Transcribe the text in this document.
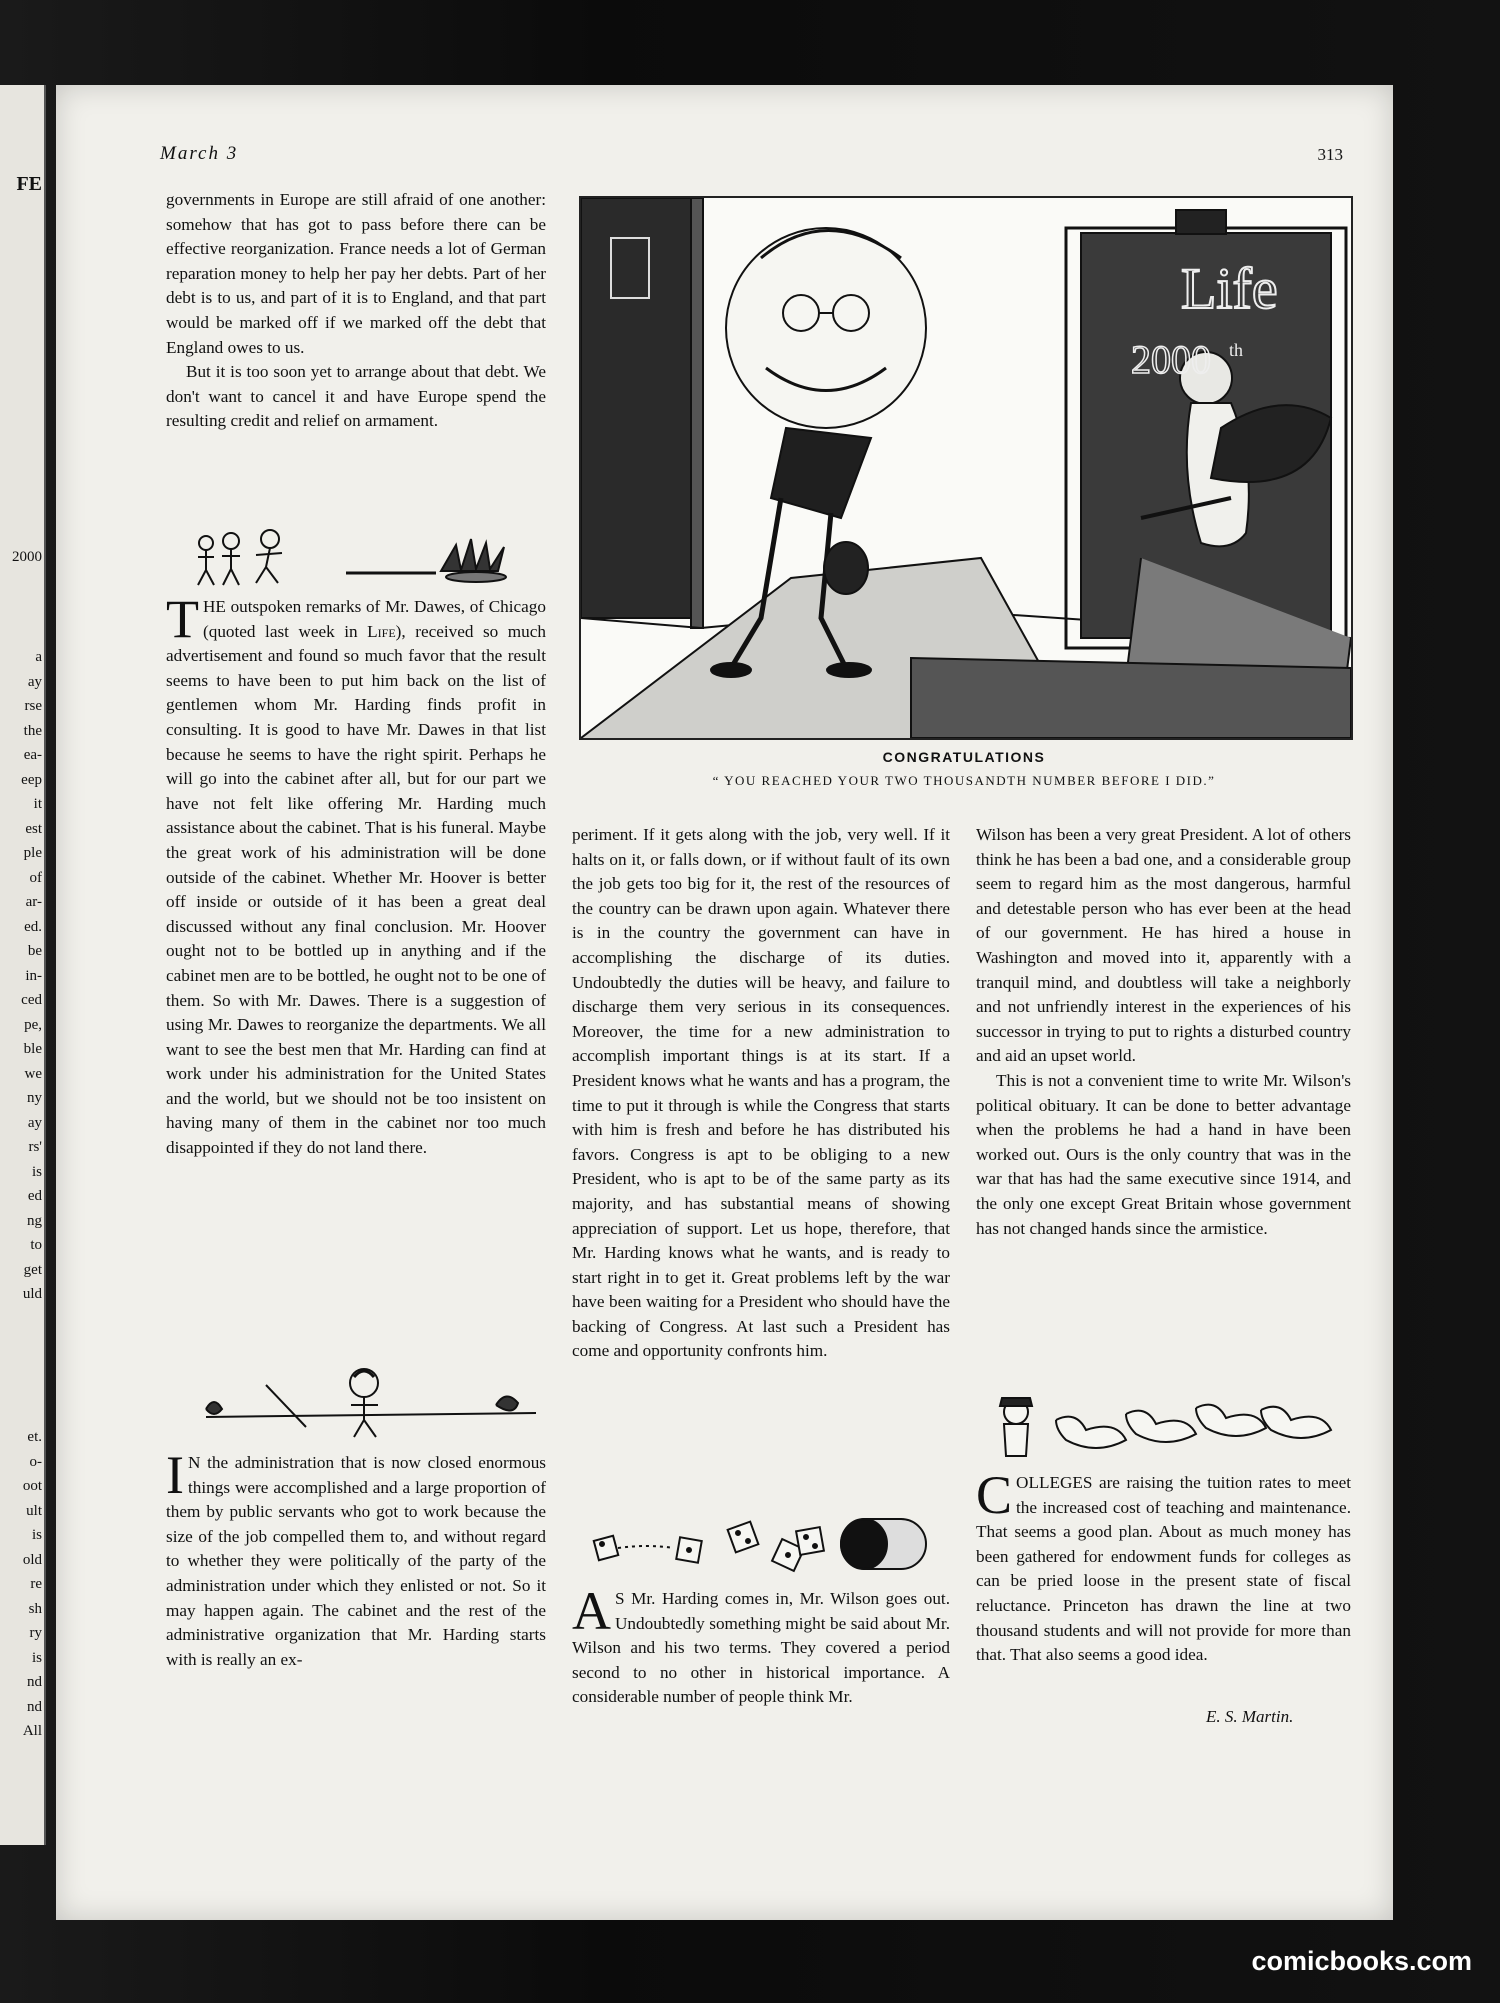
FE
2000
a
ay
rse
the
ea-
eep
it
est
ple
of
ar-
ed.
be
in-
ced
pe,
ble
we
ny
ay
rs'
is
ed
ng
to
get
uld
et.
o-
oot
ult
is
old
re
sh
ry
is
nd
nd
All
March 3	313

governments in Europe are still afraid of one another: somehow that has got to pass before there can be effective reorganization. France needs a lot of German reparation money to help her pay her debts. Part of her debt is to us, and part of it is to England, and that part would be marked off if we marked off the debt that England owes to us.

But it is too soon yet to arrange about that debt. We don't want to cancel it and have Europe spend the resulting credit and relief on armament.

THE outspoken remarks of Mr. Dawes, of Chicago (quoted last week in Life), received so much advertisement and found so much favor that the result seems to have been to put him back on the list of gentlemen whom Mr. Harding finds profit in consulting. It is good to have Mr. Dawes in that list because he seems to have the right spirit. Perhaps he will go into the cabinet after all, but for our part we have not felt like offering Mr. Harding much assistance about the cabinet. That is his funeral. Maybe the great work of his administration will be done outside of the cabinet. Whether Mr. Hoover is better off inside or outside of it has been a great deal discussed without any final conclusion. Mr. Hoover ought not to be bottled up in anything and if the cabinet men are to be bottled, he ought not to be one of them. So with Mr. Dawes. There is a suggestion of using Mr. Dawes to reorganize the departments. We all want to see the best men that Mr. Harding can find at work under his administration for the United States and the world, but we should not be too insistent on having many of them in the cabinet nor too much disappointed if they do not land there.

I N the administration that is now closed enormous things were accomplished and a large proportion of them by public servants who got to work because the size of the job compelled them to, and without regard to whether they were politically of the party of the administration under which they enlisted or not. So it may happen again. The cabinet and the rest of the administrative organization that Mr. Harding starts with is really an ex-

Life
2000 th
CONGRATULATIONS
“ YOU REACHED YOUR TWO THOUSANDTH NUMBER BEFORE I DID.”

periment. If it gets along with the job, very well. If it halts on it, or falls down, or if without fault of its own the job gets too big for it, the rest of the resources of the country can be drawn upon again. Whatever there is in the country the government can have in accomplishing the discharge of its duties. Undoubtedly the duties will be heavy, and failure to discharge them very serious in its consequences. Moreover, the time for a new administration to accomplish important things is at its start. If a President knows what he wants and has a program, the time to put it through is while the Congress that starts with him is fresh and before he has distributed his favors. Congress is apt to be obliging to a new President, who is apt to be of the same party as its majority, and has substantial means of showing appreciation of support. Let us hope, therefore, that Mr. Harding knows what he wants, and is ready to start right in to get it. Great problems left by the war have been waiting for a President who should have the backing of Congress. At last such a President has come and opportunity confronts him.

A S Mr. Harding comes in, Mr. Wilson goes out. Undoubtedly something might be said about Mr. Wilson and his two terms. They covered a period second to no other in historical importance. A considerable number of people think Mr.

Wilson has been a very great President. A lot of others think he has been a bad one, and a considerable group seem to regard him as the most dangerous, harmful and detestable person who has ever been at the head of our government. He has hired a house in Washington and moved into it, apparently with a tranquil mind, and doubtless will take a neighborly and not unfriendly interest in the experiences of his successor in trying to put to rights a disturbed country and aid an upset world.

This is not a convenient time to write Mr. Wilson's political obituary. It can be done to better advantage when the problems he had a hand in have been worked out. Ours is the only country that was in the war that has had the same executive since 1914, and the only one except Great Britain whose government has not changed hands since the armistice.

COLLEGES are raising the tuition rates to meet the increased cost of teaching and maintenance. That seems a good plan. About as much money has been gathered for endowment funds for colleges as can be pried loose in the present state of fiscal reluctance. Princeton has drawn the line at two thousand students and will not provide for more than that. That also seems a good idea.

E. S. Martin.
comicbooks.com
